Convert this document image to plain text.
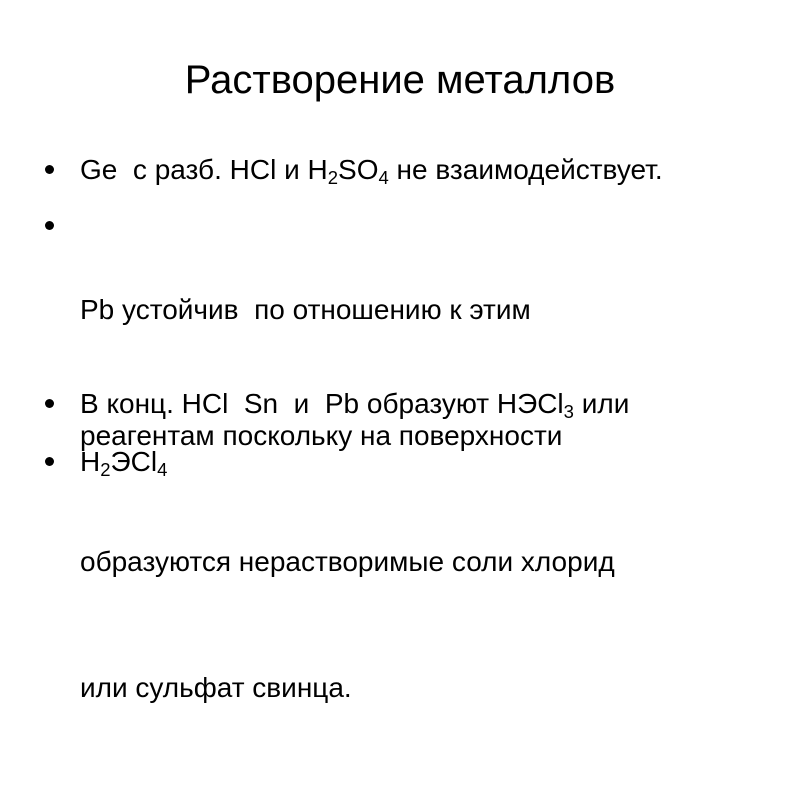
Растворение металлов
Ge  с разб. HCl и $H_2SO_4$ не взаимодействует.

Pb устойчив  по отношению к этим

реагентам поскольку на поверхности

образуются нерастворимые соли хлорид

или сульфат свинца.

В конц. HCl  Sn  и  Pb образуют HЭCl$_3$ или
$H_2ЭCl_4$
